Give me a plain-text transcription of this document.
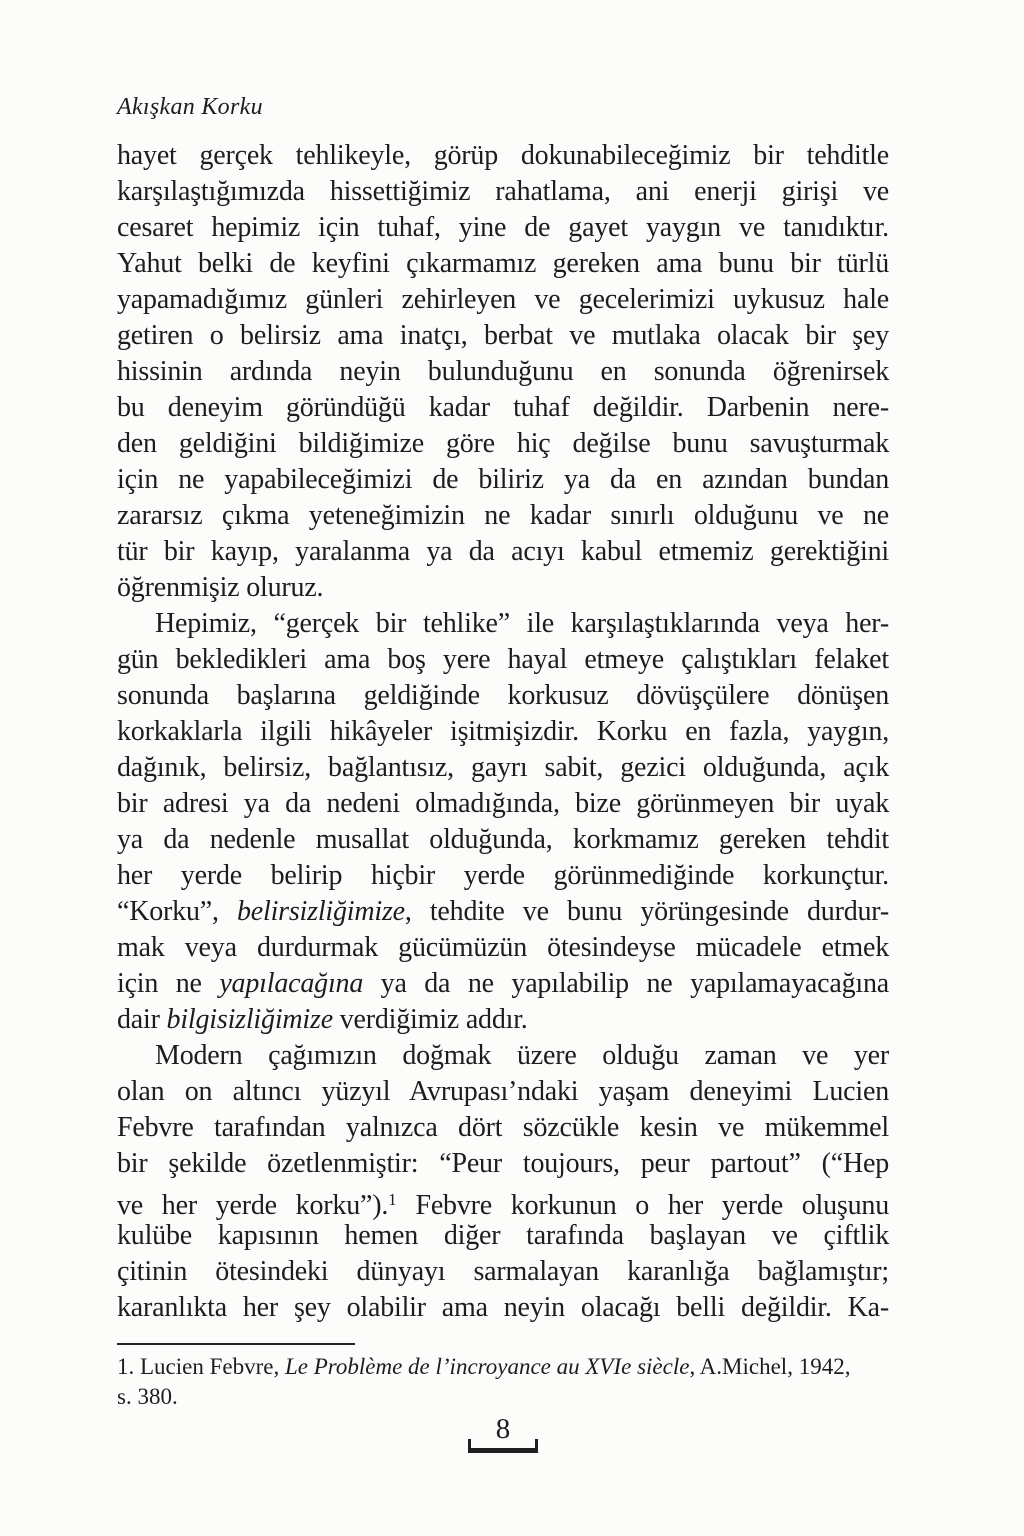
Akışkan Korku
hayet gerçek tehlikeyle, görüp dokunabileceğimiz bir tehditle
karşılaştığımızda hissettiğimiz rahatlama, ani enerji girişi ve
cesaret hepimiz için tuhaf, yine de gayet yaygın ve tanıdıktır.
Yahut belki de keyfini çıkarmamız gereken ama bunu bir türlü
yapamadığımız günleri zehirleyen ve gecelerimizi uykusuz hale
getiren o belirsiz ama inatçı, berbat ve mutlaka olacak bir şey
hissinin ardında neyin bulunduğunu en sonunda öğrenirsek
bu deneyim göründüğü kadar tuhaf değildir. Darbenin nere-
den geldiğini bildiğimize göre hiç değilse bunu savuşturmak
için ne yapabileceğimizi de biliriz ya da en azından bundan
zararsız çıkma yeteneğimizin ne kadar sınırlı olduğunu ve ne
tür bir kayıp, yaralanma ya da acıyı kabul etmemiz gerektiğini
öğrenmişiz oluruz.
Hepimiz, “gerçek bir tehlike” ile karşılaştıklarında veya her-
gün bekledikleri ama boş yere hayal etmeye çalıştıkları felaket
sonunda başlarına geldiğinde korkusuz dövüşçülere dönüşen
korkaklarla ilgili hikâyeler işitmişizdir. Korku en fazla, yaygın,
dağınık, belirsiz, bağlantısız, gayrı sabit, gezici olduğunda, açık
bir adresi ya da nedeni olmadığında, bize görünmeyen bir uyak
ya da nedenle musallat olduğunda, korkmamız gereken tehdit
her yerde belirip hiçbir yerde görünmediğinde korkunçtur.
“Korku”, belirsizliğimize, tehdite ve bunu yörüngesinde durdur-
mak veya durdurmak gücümüzün ötesindeyse mücadele etmek
için ne yapılacağına ya da ne yapılabilip ne yapılamayacağına
dair bilgisizliğimize verdiğimiz addır.
Modern çağımızın doğmak üzere olduğu zaman ve yer
olan on altıncı yüzyıl Avrupası’ndaki yaşam deneyimi Lucien
Febvre tarafından yalnızca dört sözcükle kesin ve mükemmel
bir şekilde özetlenmiştir: “Peur toujours, peur partout” (“Hep
ve her yerde korku”).$^1$ Febvre korkunun o her yerde oluşunu
kulübe kapısının hemen diğer tarafında başlayan ve çiftlik
çitinin ötesindeki dünyayı sarmalayan karanlığa bağlamıştır;
karanlıkta her şey olabilir ama neyin olacağı belli değildir. Ka-
1. Lucien Febvre, Le Problème de l’incroyance au XVIe siècle, A.Michel, 1942,
s. 380.
8
